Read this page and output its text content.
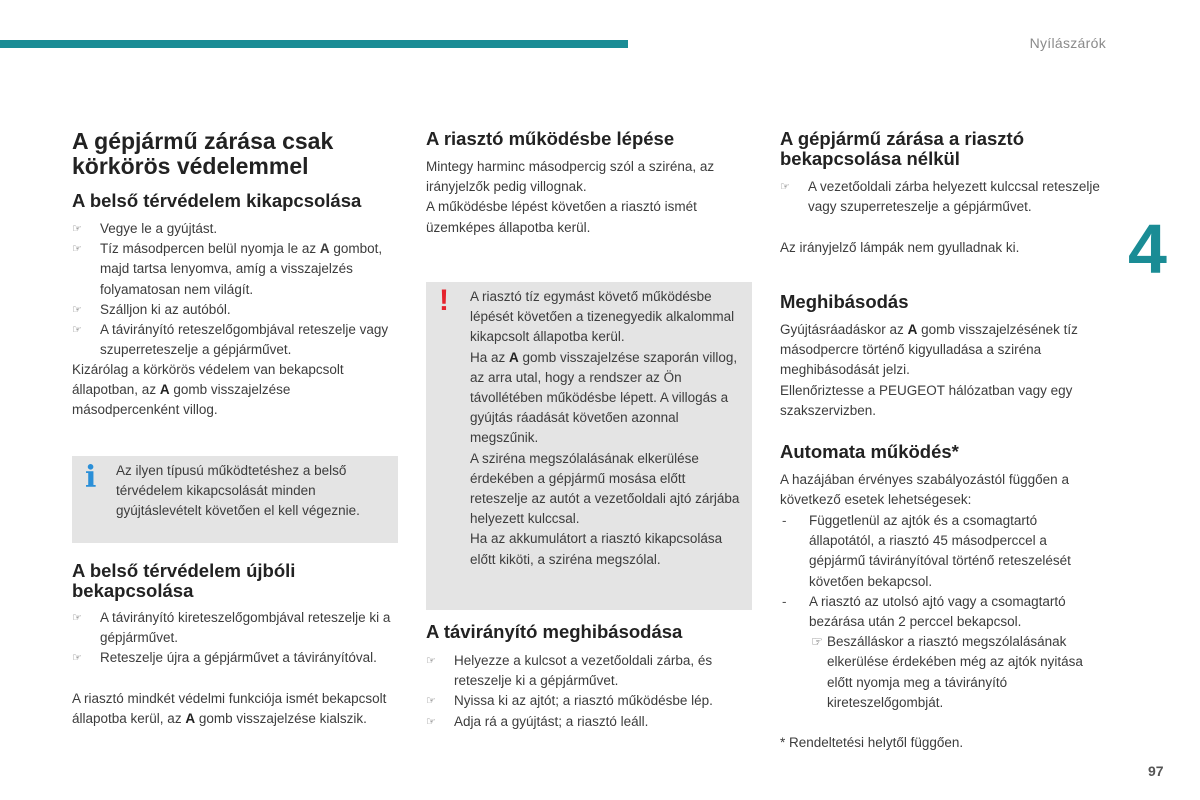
Nyílászárók
4
97
A gépjármű zárása csak körkörös védelemmel
A belső térvédelem kikapcsolása
☞	Vegye le a gyújtást.
☞	Tíz másodpercen belül nyomja le az A gombot, majd tartsa lenyomva, amíg a visszajelzés folyamatosan nem világít.
☞	Szálljon ki az autóból.
☞	A távirányító reteszelőgombjával reteszelje vagy szuperreteszelje a gépjárművet.

Kizárólag a körkörös védelem van bekapcsolt állapotban, az A gomb visszajelzése másodpercenként villog.

A belső térvédelem újbóli bekapcsolása
☞	A távirányító kireteszelőgombjával reteszelje ki a gépjárművet.
☞	Reteszelje újra a gépjárművet a távirányítóval.

A riasztó mindkét védelmi funkciója ismét bekapcsolt állapotba kerül, az A gomb visszajelzése kialszik.

i Az ilyen típusú működtetéshez a belső térvédelem kikapcsolását minden gyújtáslevételt követően el kell végeznie.

A riasztó működésbe lépése

Mintegy harminc másodpercig szól a sziréna, az irányjelzők pedig villognak.
A működésbe lépést követően a riasztó ismét üzemképes állapotba kerül.

A távirányító meghibásodása
☞	Helyezze a kulcsot a vezetőoldali zárba, és reteszelje ki a gépjárművet.
☞	Nyissa ki az ajtót; a riasztó működésbe lép.
☞	Adja rá a gyújtást; a riasztó leáll.
! A riasztó tíz egymást követő működésbe lépését követően a tizenegyedik alkalommal kikapcsolt állapotba kerül.
Ha az A gomb visszajelzése szaporán villog, az arra utal, hogy a rendszer az Ön távollétében működésbe lépett. A villogás a gyújtás ráadását követően azonnal megszűnik.
A sziréna megszólalásának elkerülése érdekében a gépjármű mosása előtt reteszelje az autót a vezetőoldali ajtó zárjába helyezett kulccsal.
Ha az akkumulátort a riasztó kikapcsolása előtt kiköti, a sziréna megszólal.
A gépjármű zárása a riasztó bekapcsolása nélkül
☞	A vezetőoldali zárba helyezett kulccsal reteszelje vagy szuperreteszelje a gépjárművet.

Az irányjelző lámpák nem gyulladnak ki.

Meghibásodás

Gyújtásráadáskor az A gomb visszajelzésének tíz másodpercre történő kigyulladása a sziréna meghibásodását jelzi.
Ellenőriztesse a PEUGEOT hálózatban vagy egy szakszervizben.

Automata működés*

A hazájában érvényes szabályozástól függően a következő esetek lehetségesek:

-	Függetlenül az ajtók és a csomagtartó állapotától, a riasztó 45 másodperccel a gépjármű távirányítóval történő reteszelését követően bekapcsol.
-	A riasztó az utolsó ajtó vagy a csomagtartó bezárása után 2 perccel bekapcsol.
☞ Beszálláskor a riasztó megszólalásának elkerülése érdekében még az ajtók nyitása előtt nyomja meg a távirányító kireteszelőgombját.

* Rendeltetési helytől függően.
